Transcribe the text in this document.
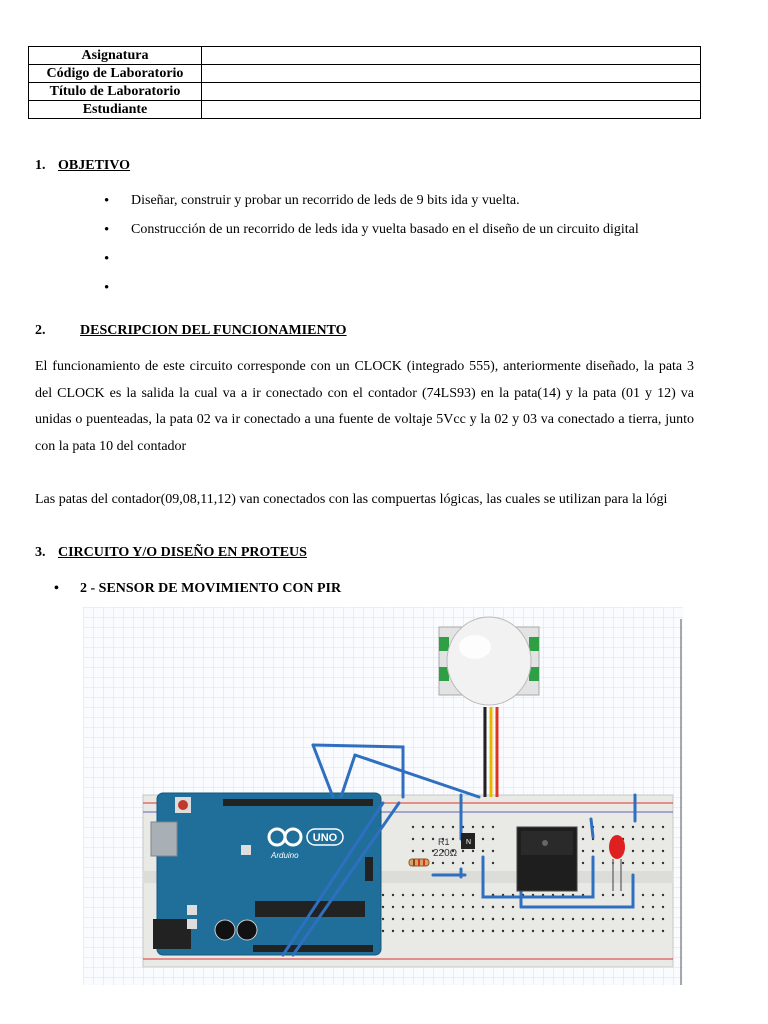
Asignatura	
Código de Laboratorio	
Título de Laboratorio	
Estudiante	
1. OBJETIVO
• Diseñar, construir y probar un recorrido de leds de 9 bits ida y vuelta.
• Construcción de un recorrido de leds ida y vuelta basado en el diseño de un circuito digital
•
•
2. DESCRIPCION DEL FUNCIONAMIENTO
El funcionamiento de este circuito corresponde con un CLOCK (integrado 555), anteriormente diseñado, la pata 3 del CLOCK es la salida la cual va a ir conectado con el contador (74LS93) en la pata(14) y la pata (01 y 12) va unidas o puenteadas, la pata 02 va ir conectado a una fuente de voltaje 5Vcc y la 02 y 03 va conectado a tierra, junto con la pata 10 del contador
Las patas del contador(09,08,11,12) van conectados con las compuertas lógicas, las cuales se utilizan para la lógi
3. CIRCUITO Y/O DISEÑO EN PROTEUS
• 2 - SENSOR DE MOVIMIENTO CON PIR
UNO
Arduino
N
R1
220Ω
